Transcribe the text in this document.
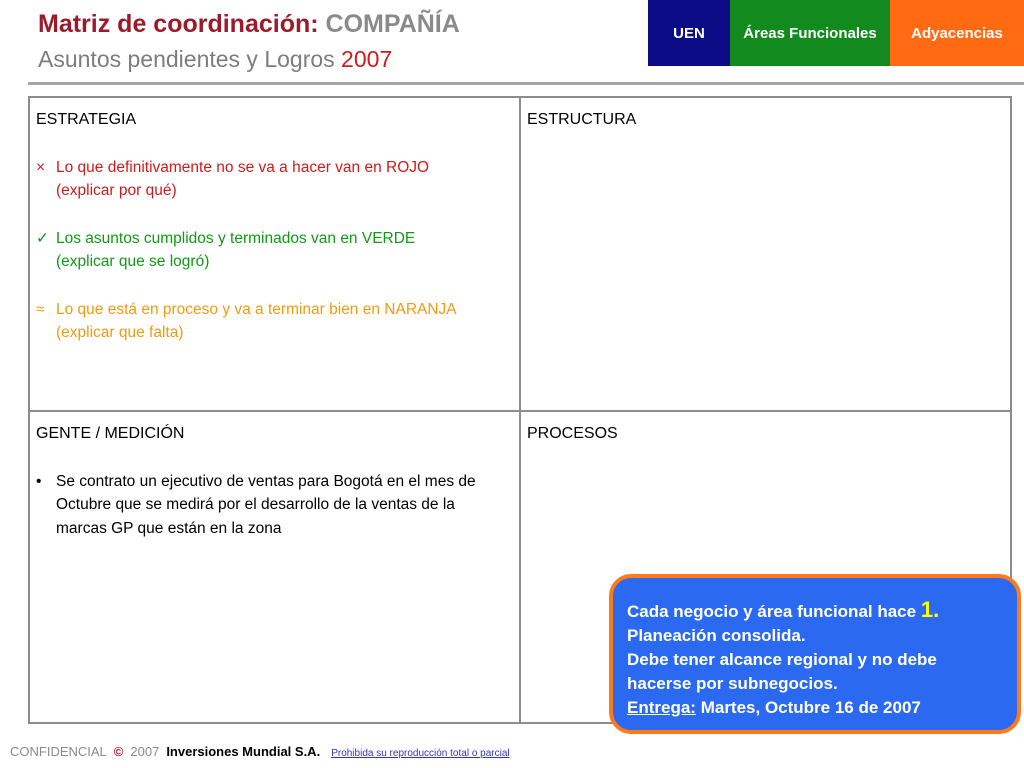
Matriz de coordinación: COMPAÑÍA
Asuntos pendientes y Logros 2007
UEN	Áreas Funcionales Adyacencias
ESTRATEGIA
× Lo que definitivamente no se va a hacer van en ROJO
(explicar por qué)
✓ Los asuntos cumplidos y terminados van en VERDE
(explicar que se logró)
≈ Lo que está en proceso y va a terminar bien en NARANJA
(explicar que falta)
ESTRUCTURA
GENTE / MEDICIÓN
• Se contrato un ejecutivo de ventas para Bogotá en el mes de Octubre que se medirá por el desarrollo de la ventas de la marcas GP que están en la zona
PROCESOS
Cada negocio y área funcional hace 1.
Planeación consolida.
Debe tener alcance regional y no debe hacerse por subnegocios.
Entrega: Martes, Octubre 16 de 2007
CONFIDENCIAL © 2007 Inversiones Mundial S.A. Prohibida su reproducción total o parcial
